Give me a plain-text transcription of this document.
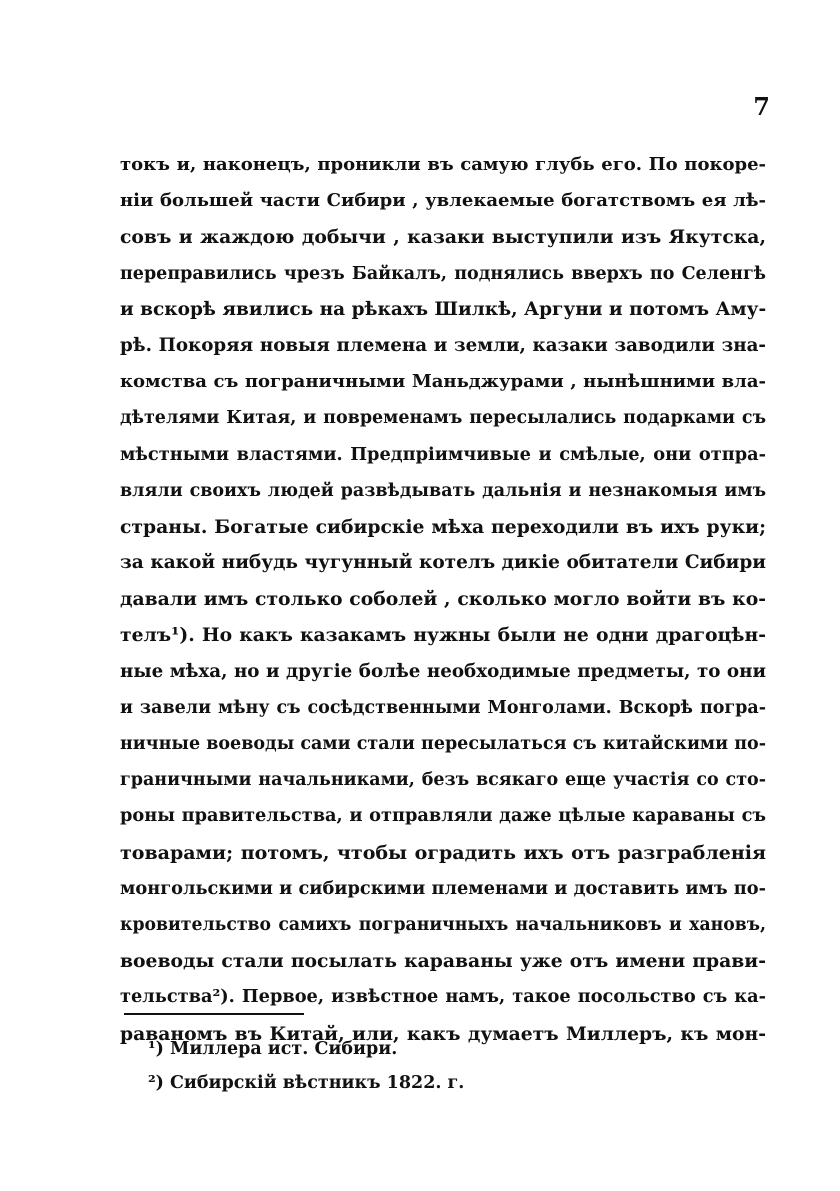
7
токъ и, наконецъ, проникли въ самую глубь его. По покоре-
нiи большей части Сибири , увлекаемые богатствомъ ея лѣ-
совъ и жаждою добычи , казаки выступили изъ Якутска,
переправились чрезъ Байкалъ, поднялись вверхъ по Селенгѣ
и вскорѣ явились на рѣкахъ Шилкѣ, Аргуни и потомъ Аму-
рѣ. Покоряя новыя племена и земли, казаки заводили зна-
комства съ пограничными Маньджурами , нынѣшними вла-
дѣтелями Китая, и повременамъ пересылались подарками съ
мѣстными властями. Предпрiимчивые и смѣлые, они отпра-
вляли своихъ людей развѣдывать дальнiя и незнакомыя имъ
страны. Богатые сибирскiе мѣха переходили въ ихъ руки;
за какой нибудь чугунный котелъ дикiе обитатели Сибири
давали имъ столько соболей , сколько могло войти въ ко-
телъ¹). Но какъ казакамъ нужны были не одни драгоцѣн-
ные мѣха, но и другiе болѣе необходимые предметы, то они
и завели мѣну съ сосѣдственными Монголами. Вскорѣ погра-
ничные воеводы сами стали пересылаться съ китайскими по-
граничными начальниками, безъ всякаго еще участiя со сто-
роны правительства, и отправляли даже цѣлые караваны съ
товарами; потомъ, чтобы оградить ихъ отъ разграбленiя
монгольскими и сибирскими племенами и доставить имъ по-
кровительство самихъ пограничныхъ начальниковъ и хановъ,
воеводы стали посылать караваны уже отъ имени прави-
тельства²). Первое, извѣстное намъ, такое посольство съ ка-
раваномъ въ Китай, или, какъ думаетъ Миллеръ, къ мон-
¹) Миллера ист. Сибири.
²) Сибирскiй вѣстникъ 1822. г.
